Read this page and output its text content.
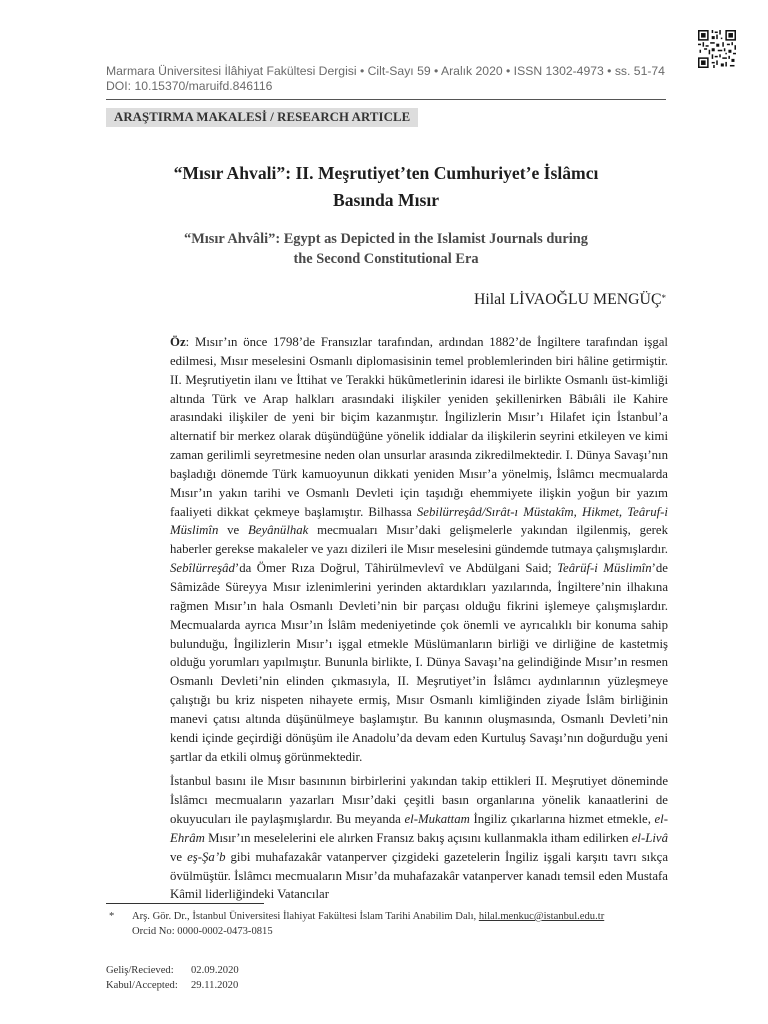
Marmara Üniversitesi İlâhiyat Fakültesi Dergisi • Cilt-Sayı 59 • Aralık 2020 • ISSN 1302-4973 • ss. 51-74
DOI: 10.15370/maruifd.846116
ARAŞTIRMA MAKALESİ / RESEARCH ARTICLE
“Mısır Ahvali”: II. Meşrutiyet’ten Cumhuriyet’e İslâmcı
Basında Mısır
“Mısır Ahvâli”: Egypt as Depicted in the Islamist Journals during
the Second Constitutional Era
Hilal LİVAOĞLU MENGÜÇ*

Öz: Mısır’ın önce 1798’de Fransızlar tarafından, ardından 1882’de İngiltere tarafından işgal edilmesi, Mısır meselesini Osmanlı diplomasisinin temel problemlerinden biri hâline getirmiştir. II. Meşrutiyetin ilanı ve İttihat ve Terakki hükûmetlerinin idaresi ile birlikte Osmanlı üst-kimliği altında Türk ve Arap halkları arasındaki ilişkiler yeniden şekillenirken Bâbıâli ile Kahire arasındaki ilişkiler de yeni bir biçim kazanmıştır. İngilizlerin Mısır’ı Hilafet için İstanbul’a alternatif bir merkez olarak düşündüğüne yönelik iddialar da ilişkilerin seyrini etkileyen ve kimi zaman gerilimli seyretmesine neden olan unsurlar arasında zikredilmektedir. I. Dünya Savaşı’nın başladığı dönemde Türk kamuoyunun dikkati yeniden Mısır’a yönelmiş, İslâmcı mecmualarda Mısır’ın yakın tarihi ve Osmanlı Devleti için taşıdığı ehemmiyete ilişkin yoğun bir yazım faaliyeti dikkat çekmeye başlamıştır. Bilhassa Sebilürreşâd/Sırât-ı Müstakîm, Hikmet, Teâruf-i Müslimîn ve Beyânülhak mecmuaları Mısır’daki gelişmelerle yakından ilgilenmiş, gerek haberler gerekse makaleler ve yazı dizileri ile Mısır meselesini gündemde tutmaya çalışmışlardır. Sebîlürreşâd’da Ömer Rıza Doğrul, Tâhirülmevlevî ve Abdülgani Said; Teârüf-i Müslimîn’de Sâmizâde Süreyya Mısır izlenimlerini yerinden aktardıkları yazılarında, İngiltere’nin ilhakına rağmen Mısır’ın hala Osmanlı Devleti’nin bir parçası olduğu fikrini işlemeye çalışmışlardır. Mecmualarda ayrıca Mısır’ın İslâm medeniyetinde çok önemli ve ayrıcalıklı bir konuma sahip bulunduğu, İngilizlerin Mısır’ı işgal etmekle Müslümanların birliği ve dirliğine de kastetmiş olduğu yorumları yapılmıştır. Bununla birlikte, I. Dünya Savaşı’na gelindiğinde Mısır’ın resmen Osmanlı Devleti’nin elinden çıkmasıyla, II. Meşrutiyet’in İslâmcı aydınlarının yüzleşmeye çalıştığı bu kriz nispeten nihayete ermiş, Mısır Osmanlı kimliğinden ziyade İslâm birliğinin manevi çatısı altında düşünülmeye başlamıştır. Bu kanının oluşmasında, Osmanlı Devleti’nin kendi içinde geçirdiği dönüşüm ile Anadolu’da devam eden Kurtuluş Savaşı’nın doğurduğu yeni şartlar da etkili olmuş görünmektedir.

İstanbul basını ile Mısır basınının birbirlerini yakından takip ettikleri II. Meşrutiyet döneminde İslâmcı mecmuaların yazarları Mısır’daki çeşitli basın organlarına yönelik kanaatlerini de okuyucuları ile paylaşmışlardır. Bu meyanda el-Mukattam İngiliz çıkarlarına hizmet etmekle, el-Ehrâm Mısır’ın meselelerini ele alırken Fransız bakış açısını kullanmakla itham edilirken el-Livâ ve eş-Şa’b gibi muhafazakâr vatanperver çizgideki gazetelerin İngiliz işgali karşıtı tavrı sıkça övülmüştür. İslâmcı mecmuaların Mısır’da muhafazakâr vatanperver kanadı temsil eden Mustafa Kâmil liderliğindeki Vatancılar

* Arş. Gör. Dr., İstanbul Üniversitesi İlahiyat Fakültesi İslam Tarihi Anabilim Dalı, hilal.menkuc@istanbul.edu.tr
Orcid No: 0000-0002-0473-0815
Geliş/Recieved:	02.09.2020
Kabul/Accepted:	29.11.2020
